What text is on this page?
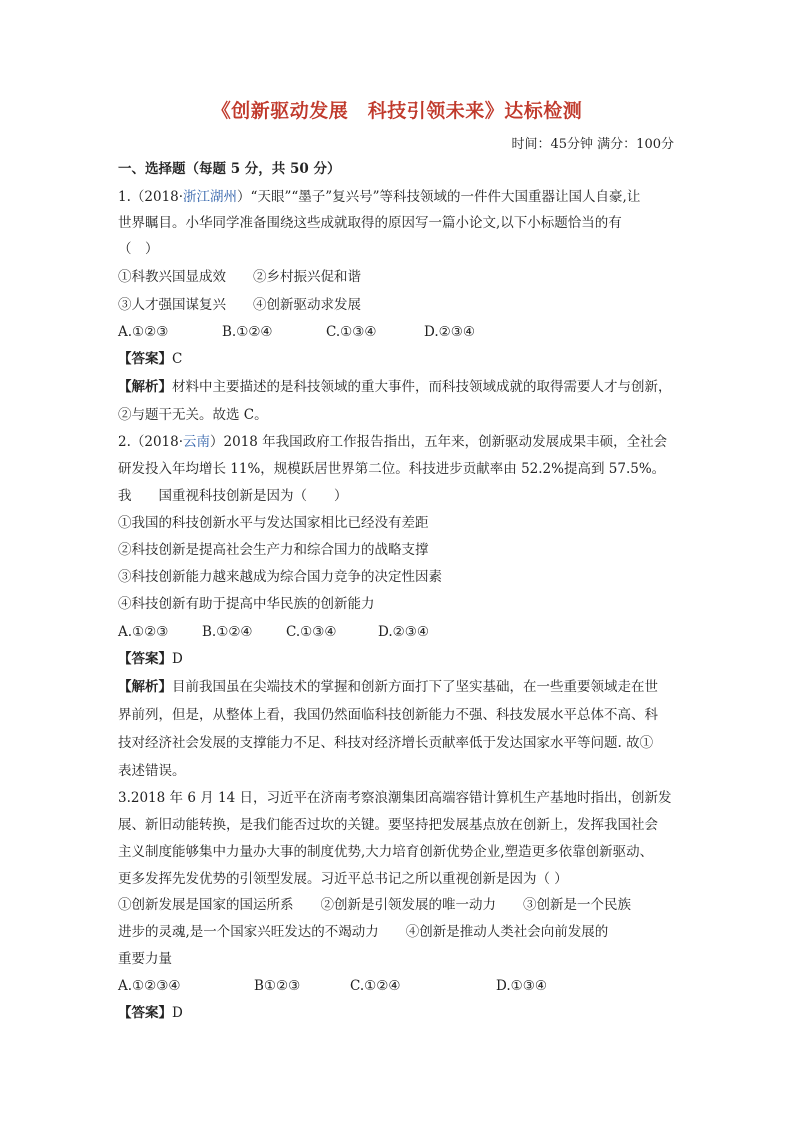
《创新驱动发展　科技引领未来》达标检测
时间：45分钟 满分：100分
一、选择题（每题 5 分，共 50 分）
1.（2018·浙江湖州）“天眼”“墨子”复兴号”等科技领域的一件件大国重器让国人自豪,让
世界瞩目。小华同学准备围绕这些成就取得的原因写一篇小论文,以下小标题恰当的有
（　）
①科教兴国显成效　　②乡村振兴促和谐
③人才强国谋复兴　　④创新驱动求发展
A.①②③	B.①②④	C.①③④	D.②③④
【答案】C
【解析】材料中主要描述的是科技领域的重大事件，而科技领域成就的取得需要人才与创新，
②与题干无关。故选 C。
2.（2018·云南）2018 年我国政府工作报告指出，五年来，创新驱动发展成果丰硕，全社会
研发投入年均增长 11%，规模跃居世界第二位。科技进步贡献率由 52.2%提高到 57.5%。
我　　国重视科技创新是因为（　　）
①我国的科技创新水平与发达国家相比已经没有差距
②科技创新是提高社会生产力和综合国力的战略支撑
③科技创新能力越来越成为综合国力竞争的决定性因素
④科技创新有助于提高中华民族的创新能力
A.①②③ B.①②④ C.①③④	D.②③④
【答案】D
【解析】目前我国虽在尖端技术的掌握和创新方面打下了坚实基础，在一些重要领域走在世
界前列，但是，从整体上看，我国仍然面临科技创新能力不强、科技发展水平总体不高、科
技对经济社会发展的支撑能力不足、科技对经济增长贡献率低于发达国家水平等问题. 故①
表述错误。
3.2018 年 6 月 14 日，习近平在济南考察浪潮集团高端容错计算机生产基地时指出，创新发
展、新旧动能转换，是我们能否过坎的关键。要坚持把发展基点放在创新上，发挥我国社会
主义制度能够集中力量办大事的制度优势,大力培育创新优势企业,塑造更多依靠创新驱动、
更多发挥先发优势的引领型发展。习近平总书记之所以重视创新是因为（ ）
①创新发展是国家的国运所系　　②创新是引领发展的唯一动力　　③创新是一个民族
进步的灵魂,是一个国家兴旺发达的不竭动力　　④创新是推动人类社会向前发展的
重要力量
A.①②③④	B①②③	C.①②④	D.①③④
【答案】D
